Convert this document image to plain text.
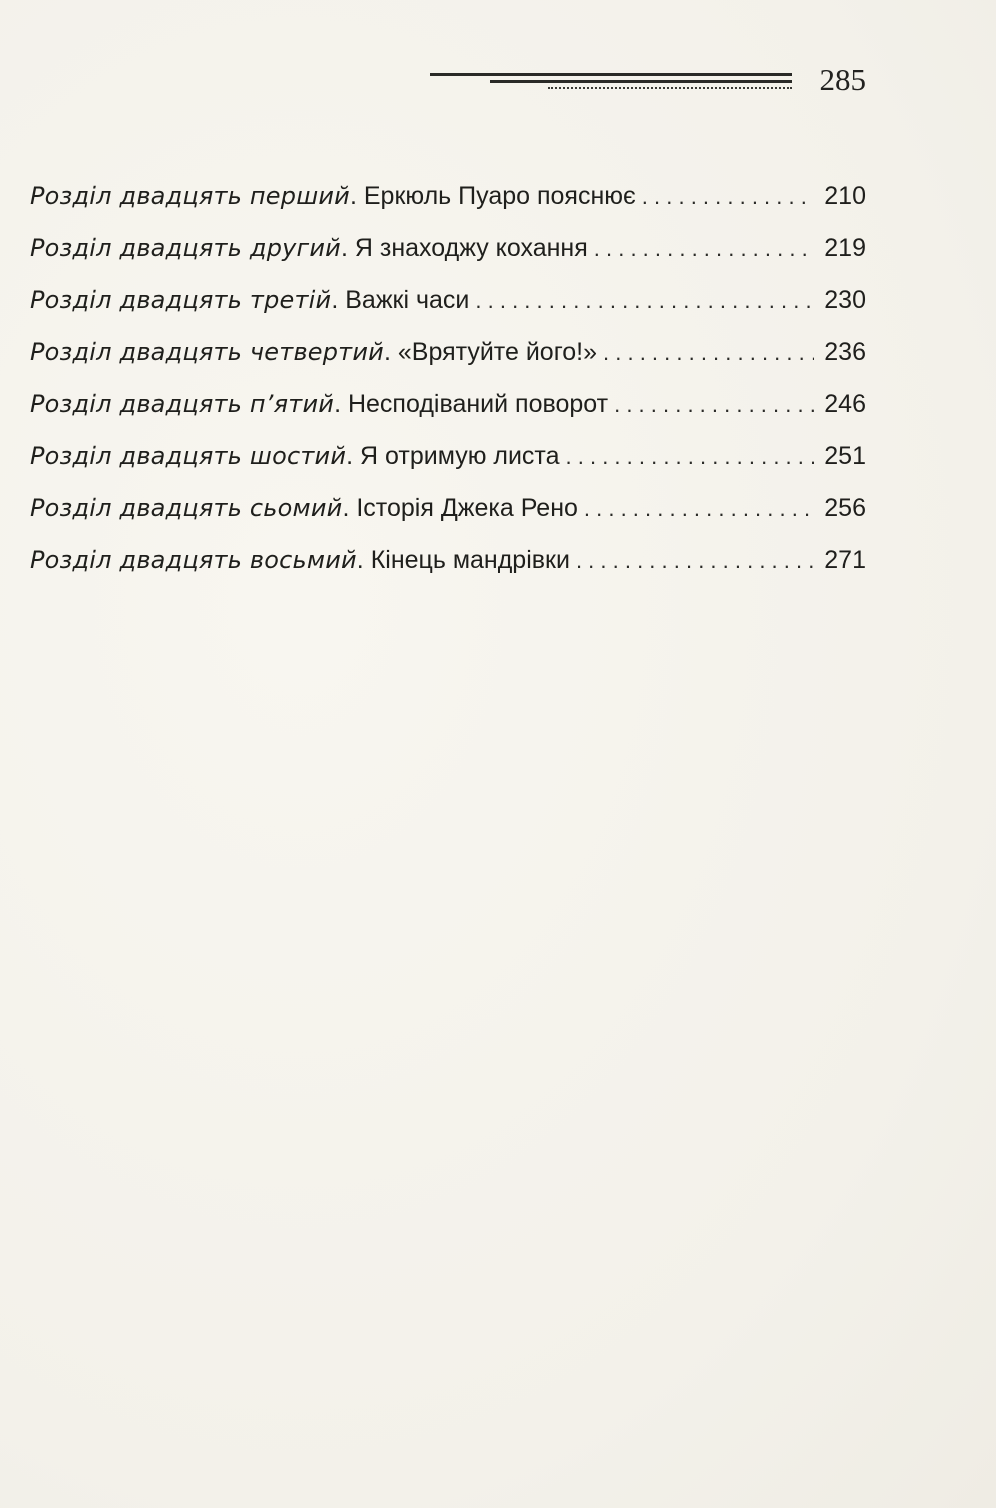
285
Розділ двадцять перший . Еркюль Пуаро пояснює . . .	210
Розділ двадцять другий . Я знаходжу кохання . . .	219
Розділ двадцять третій . Важкі часи . . .	230
Розділ двадцять четвертий . «Врятуйте його!» . . .	236
Розділ двадцять п’ятий . Несподіваний поворот . . .	246
Розділ двадцять шостий . Я отримую листа . . .	251
Розділ двадцять сьомий . Історія Джека Рено . . .	256
Розділ двадцять восьмий . Кінець мандрівки . . .	271
